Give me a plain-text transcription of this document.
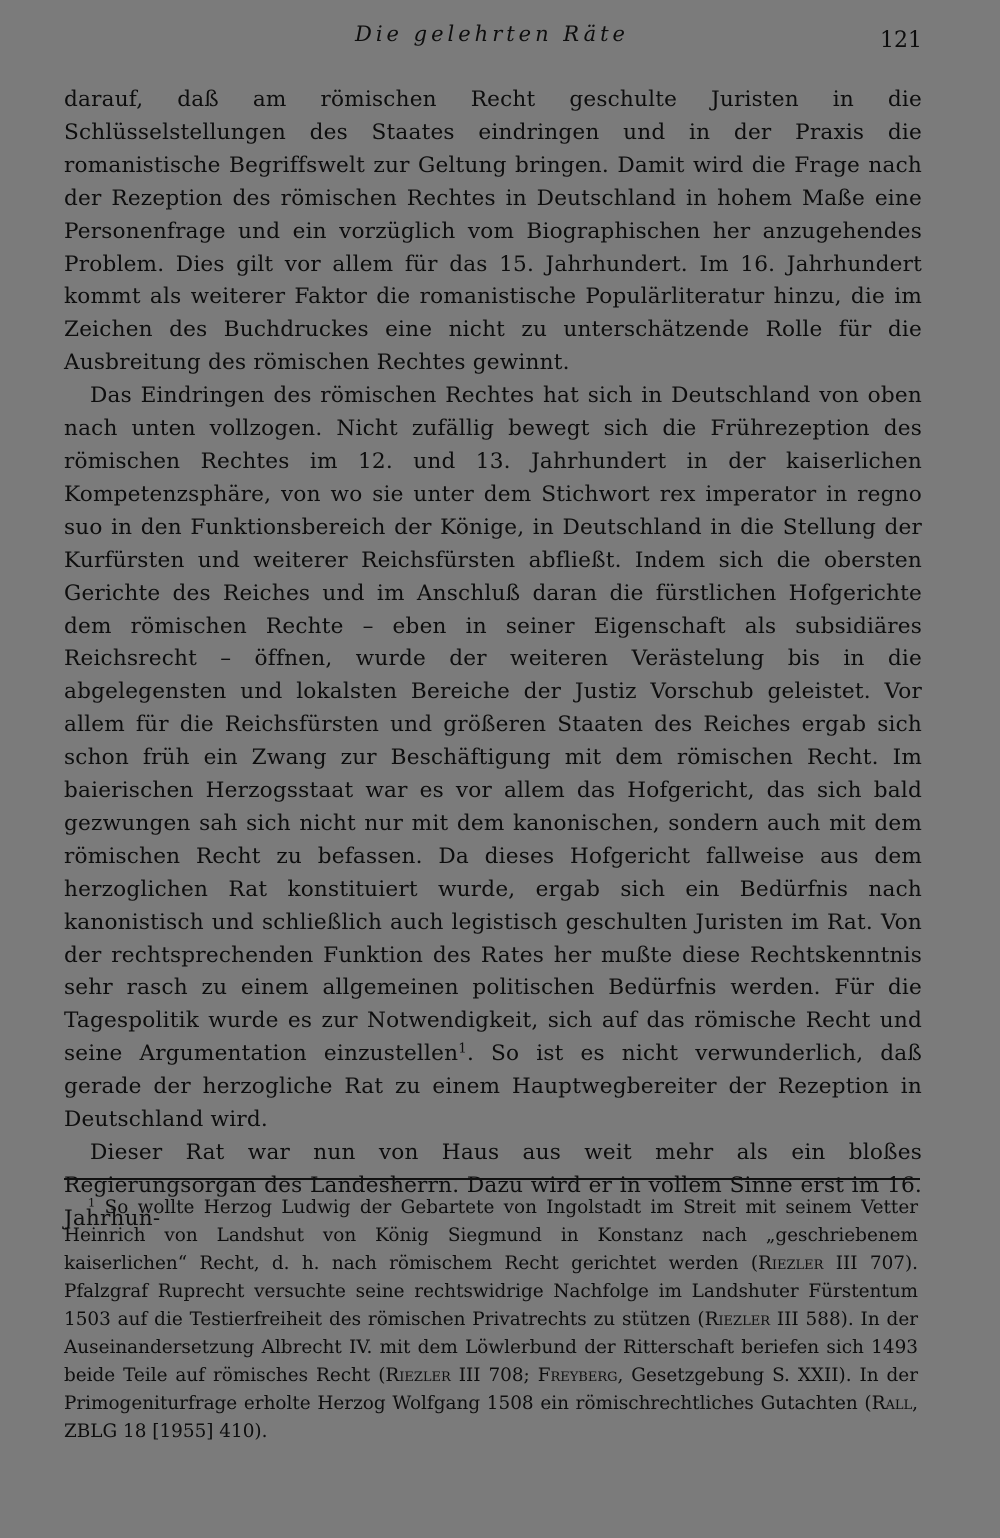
Die gelehrten Räte	121

darauf, daß am römischen Recht geschulte Juristen in die Schlüsselstellungen des Staates eindringen und in der Praxis die romanistische Begriffswelt zur Geltung bringen. Damit wird die Frage nach der Rezeption des römischen Rechtes in Deutschland in hohem Maße eine Personenfrage und ein vorzüglich vom Biographischen her anzugehendes Problem. Dies gilt vor allem für das 15. Jahrhundert. Im 16. Jahrhundert kommt als weiterer Faktor die romanistische Populärliteratur hinzu, die im Zeichen des Buchdruckes eine nicht zu unterschätzende Rolle für die Ausbreitung des römischen Rechtes gewinnt.

Das Eindringen des römischen Rechtes hat sich in Deutschland von oben nach unten vollzogen. Nicht zufällig bewegt sich die Frührezeption des römischen Rechtes im 12. und 13. Jahrhundert in der kaiserlichen Kompetenzsphäre, von wo sie unter dem Stichwort rex imperator in regno suo in den Funktionsbereich der Könige, in Deutschland in die Stellung der Kurfürsten und weiterer Reichsfürsten abfließt. Indem sich die obersten Gerichte des Reiches und im Anschluß daran die fürstlichen Hofgerichte dem römischen Rechte – eben in seiner Eigenschaft als subsidiäres Reichsrecht – öffnen, wurde der weiteren Verästelung bis in die abgelegensten und lokalsten Bereiche der Justiz Vorschub geleistet. Vor allem für die Reichsfürsten und größeren Staaten des Reiches ergab sich schon früh ein Zwang zur Beschäftigung mit dem römischen Recht. Im baierischen Herzogsstaat war es vor allem das Hofgericht, das sich bald gezwungen sah sich nicht nur mit dem kanonischen, sondern auch mit dem römischen Recht zu befassen. Da dieses Hofgericht fallweise aus dem herzoglichen Rat konstituiert wurde, ergab sich ein Bedürfnis nach kanonistisch und schließlich auch legistisch geschulten Juristen im Rat. Von der rechtsprechenden Funktion des Rates her mußte diese Rechtskenntnis sehr rasch zu einem allgemeinen politischen Bedürfnis werden. Für die Tagespolitik wurde es zur Notwendigkeit, sich auf das römische Recht und seine Argumentation einzustellen$^1$. So ist es nicht verwunderlich, daß gerade der herzogliche Rat zu einem Hauptwegbereiter der Rezeption in Deutschland wird.

Dieser Rat war nun von Haus aus weit mehr als ein bloßes Regierungsorgan des Landesherrn. Dazu wird er in vollem Sinne erst im 16. Jahrhun-

$^1$ So wollte Herzog Ludwig der Gebartete von Ingolstadt im Streit mit seinem Vetter Heinrich von Landshut von König Siegmund in Konstanz nach „geschriebenem kaiserlichen“ Recht, d. h. nach römischem Recht gerichtet werden (Riezler III 707). Pfalzgraf Ruprecht versuchte seine rechtswidrige Nachfolge im Landshuter Fürstentum 1503 auf die Testierfreiheit des römischen Privatrechts zu stützen (Riezler III 588). In der Auseinandersetzung Albrecht IV. mit dem Löwlerbund der Ritterschaft beriefen sich 1493 beide Teile auf römisches Recht (Riezler III 708; Freyberg, Gesetzgebung S. XXII). In der Primogeniturfrage erholte Herzog Wolfgang 1508 ein römischrechtliches Gutachten (Rall, ZBLG 18 [1955] 410).
